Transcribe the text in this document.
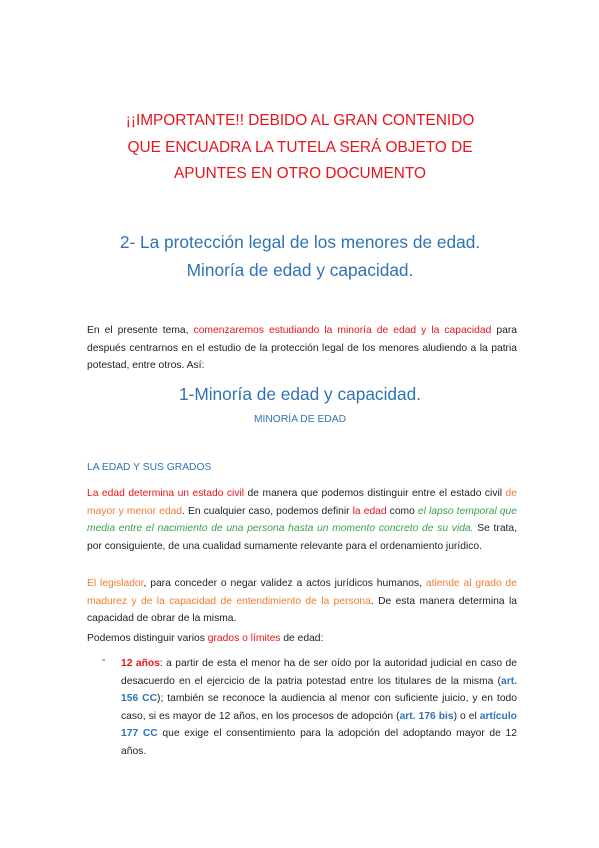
¡¡IMPORTANTE!! DEBIDO AL GRAN CONTENIDO
QUE ENCUADRA LA TUTELA SERÁ OBJETO DE
APUNTES EN OTRO DOCUMENTO
2- La protección legal de los menores de edad.
Minoría de edad y capacidad.
En el presente tema, comenzaremos estudiando la minoría de edad y la capacidad para después centrarnos en el estudio de la protección legal de los menores aludiendo a la patria potestad, entre otros. Así:
1-Minoría de edad y capacidad.
MINORÍA DE EDAD
LA EDAD Y SUS GRADOS
La edad determina un estado civil de manera que podemos distinguir entre el estado civil de mayor y menor edad. En cualquier caso, podemos definir la edad como el lapso temporal que media entre el nacimiento de una persona hasta un momento concreto de su vida. Se trata, por consiguiente, de una cualidad sumamente relevante para el ordenamiento jurídico.
El legislador, para conceder o negar validez a actos jurídicos humanos, atiende al grado de madurez y de la capacidad de entendimiento de la persona. De esta manera determina la capacidad de obrar de la misma.
Podemos distinguir varios grados o límites de edad:
- 12 años: a partir de esta el menor ha de ser oído por la autoridad judicial en caso de desacuerdo en el ejercicio de la patria potestad entre los titulares de la misma (art. 156 CC); también se reconoce la audiencia al menor con suficiente juicio, y en todo caso, si es mayor de 12 años, en los procesos de adopción (art. 176 bis) o el artículo 177 CC que exige el consentimiento para la adopción del adoptando mayor de 12 años.
